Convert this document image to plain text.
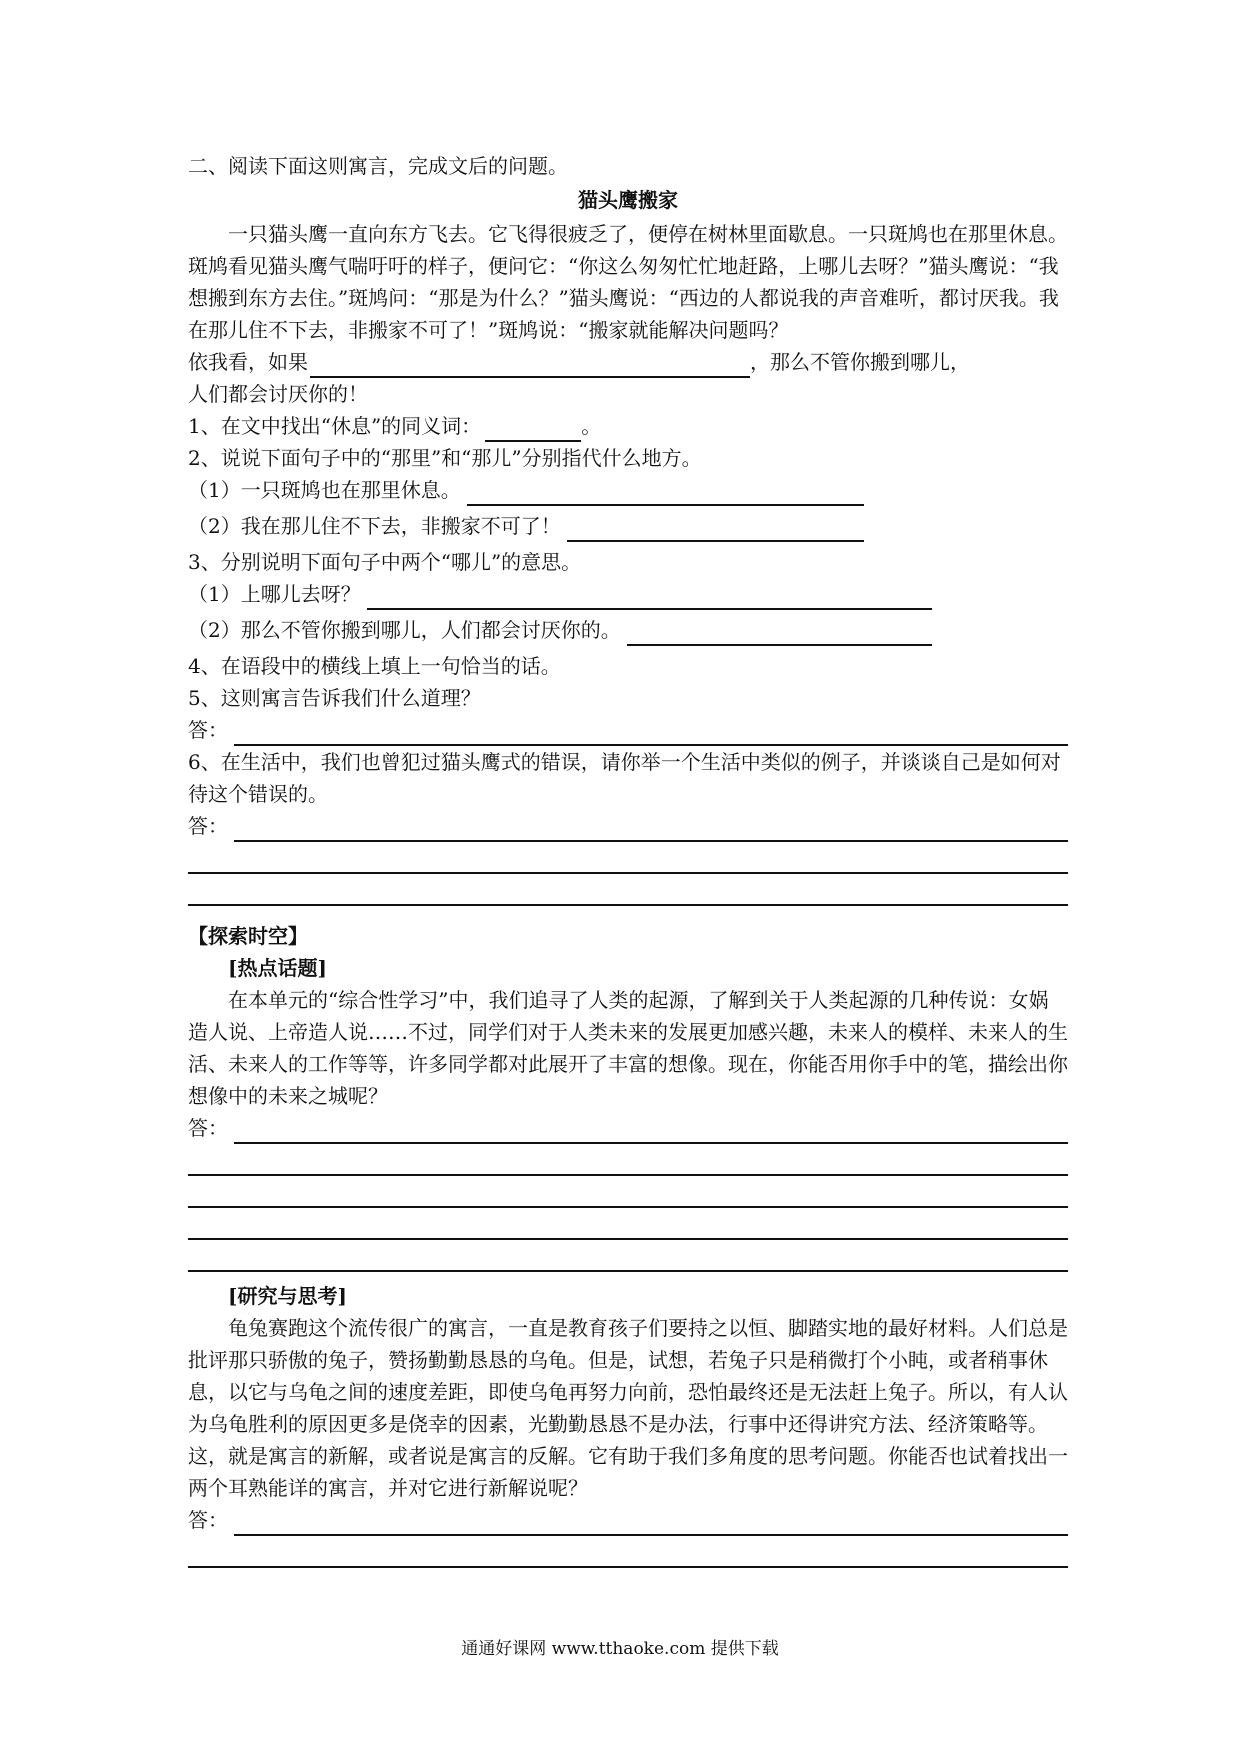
二、阅读下面这则寓言，完成文后的问题。

猫头鹰搬家

一只猫头鹰一直向东方飞去。它飞得很疲乏了，便停在树林里面歇息。一只斑鸠也在那里休息。斑鸠看见猫头鹰气喘吁吁的样子，便问它：“你这么匆匆忙忙地赶路，上哪儿去呀？”猫头鹰说：“我想搬到东方去住。”斑鸠问：“那是为什么？”猫头鹰说：“西边的人都说我的声音难听，都讨厌我。我在那儿住不下去，非搬家不可了！”斑鸠说：“搬家就能解决问题吗？

依我看，如果	，那么不管你搬到哪儿，

人们都会讨厌你的！

1、在文中找出“休息”的同义词：	。

2、说说下面句子中的“那里”和“那儿”分别指代什么地方。

（1）一只斑鸠也在那里休息。
（2）我在那儿住不下去，非搬家不可了！

3、分别说明下面句子中两个“哪儿”的意思。

（1）上哪儿去呀？
（2）那么不管你搬到哪儿，人们都会讨厌你的。

4、在语段中的横线上填上一句恰当的话。

5、这则寓言告诉我们什么道理？

答：

6、在生活中，我们也曾犯过猫头鹰式的错误，请你举一个生活中类似的例子，并谈谈自己是如何对待这个错误的。

答：

【探索时空】

[热点话题]

在本单元的“综合性学习”中，我们追寻了人类的起源，了解到关于人类起源的几种传说：女娲造人说、上帝造人说……不过，同学们对于人类未来的发展更加感兴趣，未来人的模样、未来人的生活、未来人的工作等等，许多同学都对此展开了丰富的想像。现在，你能否用你手中的笔，描绘出你想像中的未来之城呢？

答：

[研究与思考]

龟兔赛跑这个流传很广的寓言，一直是教育孩子们要持之以恒、脚踏实地的最好材料。人们总是批评那只骄傲的兔子，赞扬勤勤恳恳的乌龟。但是，试想，若兔子只是稍微打个小盹，或者稍事休息，以它与乌龟之间的速度差距，即使乌龟再努力向前，恐怕最终还是无法赶上兔子。所以，有人认为乌龟胜利的原因更多是侥幸的因素，光勤勤恳恳不是办法，行事中还得讲究方法、经济策略等。这，就是寓言的新解，或者说是寓言的反解。它有助于我们多角度的思考问题。你能否也试着找出一两个耳熟能详的寓言，并对它进行新解说呢？

答：
通通好课网 www.tthaoke.com 提供下载
